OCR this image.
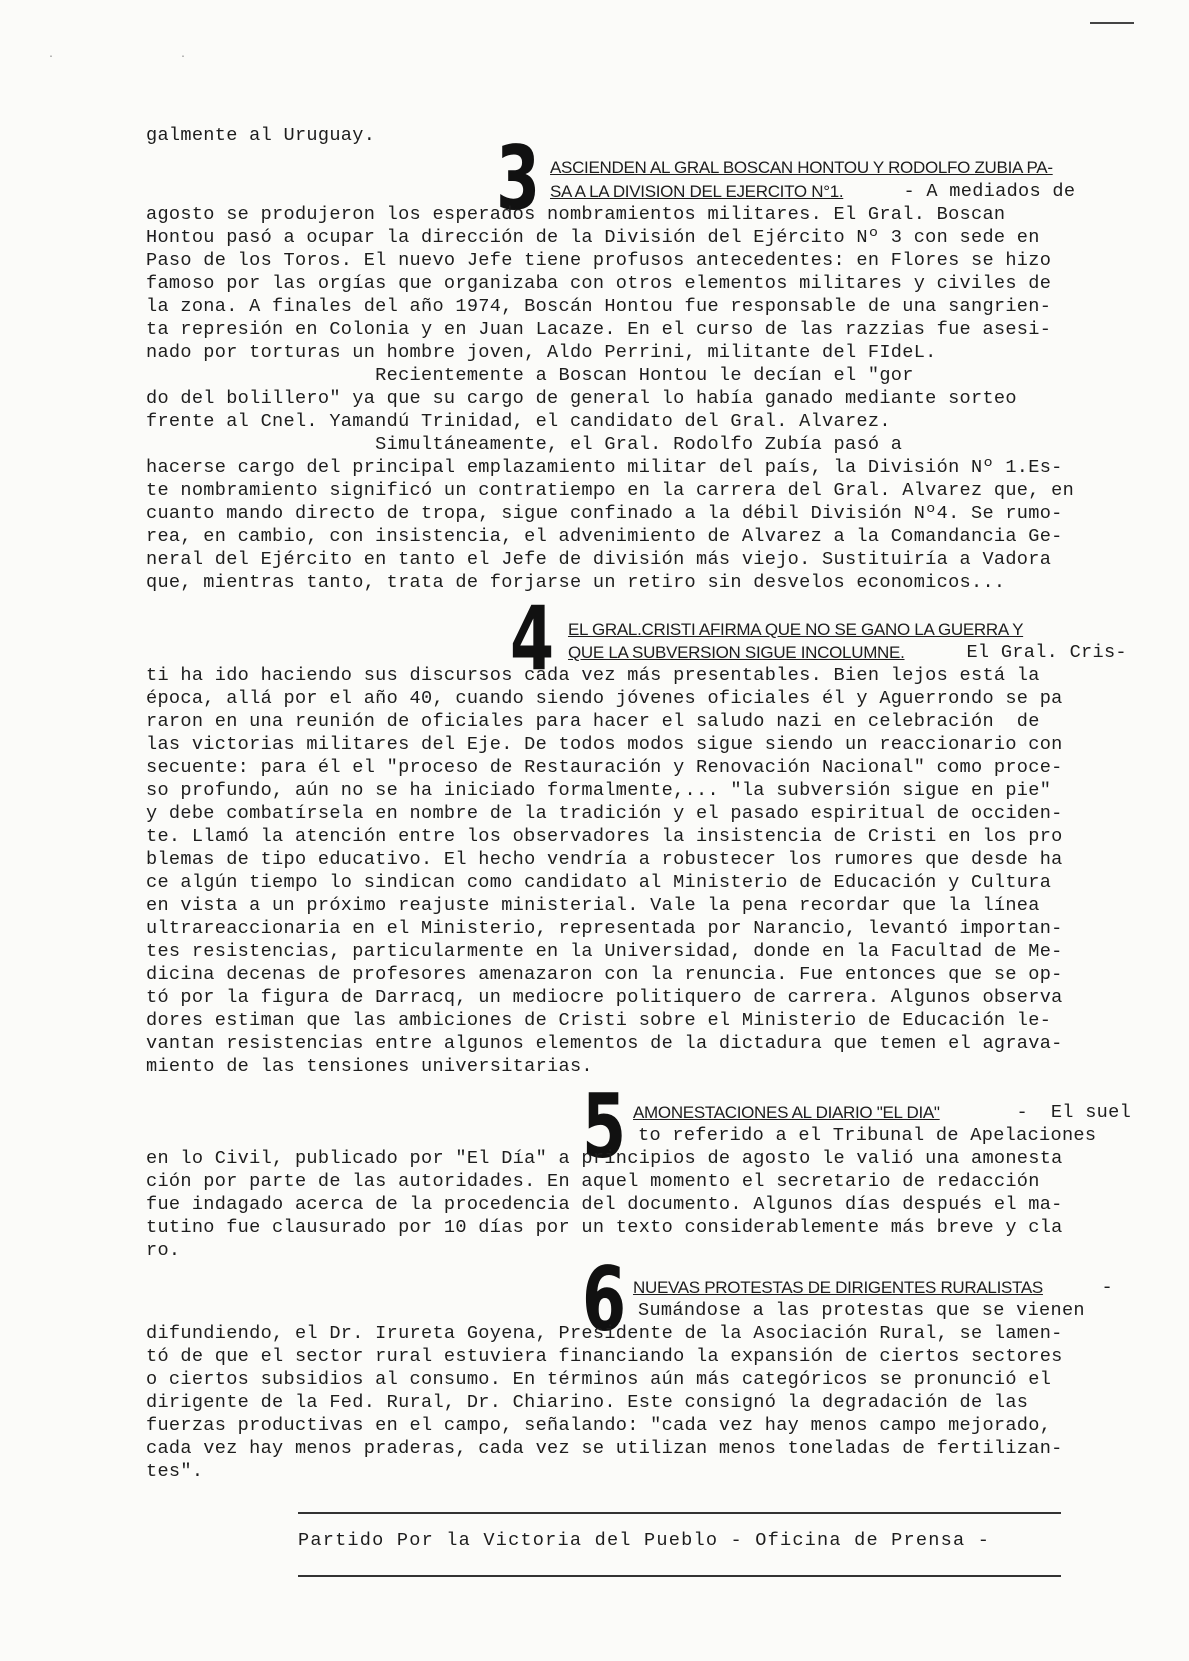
· ·
galmente al Uruguay. 3 ASCIENDEN AL GRAL BOSCAN HONTOU Y RODOLFO ZUBIA PA-
SA A LA DIVISION DEL EJERCITO N°1.	- A mediados de
agosto se produjeron los esperados nombramientos militares. El Gral. Boscan
Hontou pasó a ocupar la dirección de la División del Ejército Nº 3 con sede en
Paso de los Toros. El nuevo Jefe tiene profusos antecedentes: en Flores se hizo
famoso por las orgías que organizaba con otros elementos militares y civiles de
la zona. A finales del año 1974, Boscán Hontou fue responsable de una sangrien-
ta represión en Colonia y en Juan Lacaze. En el curso de las razzias fue asesi-
nado por torturas un hombre joven, Aldo Perrini, militante del FIdeL.
Recientemente a Boscan Hontou le decían el "gor
do del bolillero" ya que su cargo de general lo había ganado mediante sorteo
frente al Cnel. Yamandú Trinidad, el candidato del Gral. Alvarez.
Simultáneamente, el Gral. Rodolfo Zubía pasó a
hacerse cargo del principal emplazamiento militar del país, la División Nº 1.Es-
te nombramiento significó un contratiempo en la carrera del Gral. Alvarez que, en
cuanto mando directo de tropa, sigue confinado a la débil División Nº4. Se rumo-
rea, en cambio, con insistencia, el advenimiento de Alvarez a la Comandancia Ge-
neral del Ejército en tanto el Jefe de división más viejo. Sustituiría a Vadora
que, mientras tanto, trata de forjarse un retiro sin desvelos economicos...
4 EL GRAL.CRISTI AFIRMA QUE NO SE GANO LA GUERRA Y
QUE LA SUBVERSION SIGUE INCOLUMNE.	El Gral. Cris-
ti ha ido haciendo sus discursos cada vez más presentables. Bien lejos está la
época, allá por el año 40, cuando siendo jóvenes oficiales él y Aguerrondo se pa
raron en una reunión de oficiales para hacer el saludo nazi en celebración  de
las victorias militares del Eje. De todos modos sigue siendo un reaccionario con
secuente: para él el "proceso de Restauración y Renovación Nacional" como proce-
so profundo, aún no se ha iniciado formalmente,... "la subversión sigue en pie"
y debe combatírsela en nombre de la tradición y el pasado espiritual de occiden-
te. Llamó la atención entre los observadores la insistencia de Cristi en los pro
blemas de tipo educativo. El hecho vendría a robustecer los rumores que desde ha
ce algún tiempo lo sindican como candidato al Ministerio de Educación y Cultura
en vista a un próximo reajuste ministerial. Vale la pena recordar que la línea
ultrareaccionaria en el Ministerio, representada por Narancio, levantó importan-
tes resistencias, particularmente en la Universidad, donde en la Facultad de Me-
dicina decenas de profesores amenazaron con la renuncia. Fue entonces que se op-
tó por la figura de Darracq, un mediocre politiquero de carrera. Algunos observa
dores estiman que las ambiciones de Cristi sobre el Ministerio de Educación le-
vantan resistencias entre algunos elementos de la dictadura que temen el agrava-
miento de las tensiones universitarias.
5 AMONESTACIONES AL DIARIO "EL DIA"	-  El suel
to referido a el Tribunal de Apelaciones
en lo Civil, publicado por "El Día" a principios de agosto le valió una amonesta
ción por parte de las autoridades. En aquel momento el secretario de redacción
fue indagado acerca de la procedencia del documento. Algunos días después el ma-
tutino fue clausurado por 10 días por un texto considerablemente más breve y cla
ro.	6 NUEVAS PROTESTAS DE DIRIGENTES RURALISTAS	-
Sumándose a las protestas que se vienen
difundiendo, el Dr. Irureta Goyena, Presidente de la Asociación Rural, se lamen-
tó de que el sector rural estuviera financiando la expansión de ciertos sectores
o ciertos subsidios al consumo. En términos aún más categóricos se pronunció el
dirigente de la Fed. Rural, Dr. Chiarino. Este consignó la degradación de las
fuerzas productivas en el campo, señalando: "cada vez hay menos campo mejorado,
cada vez hay menos praderas, cada vez se utilizan menos toneladas de fertilizan-
tes".
Partido Por la Victoria del Pueblo - Oficina de Prensa -
